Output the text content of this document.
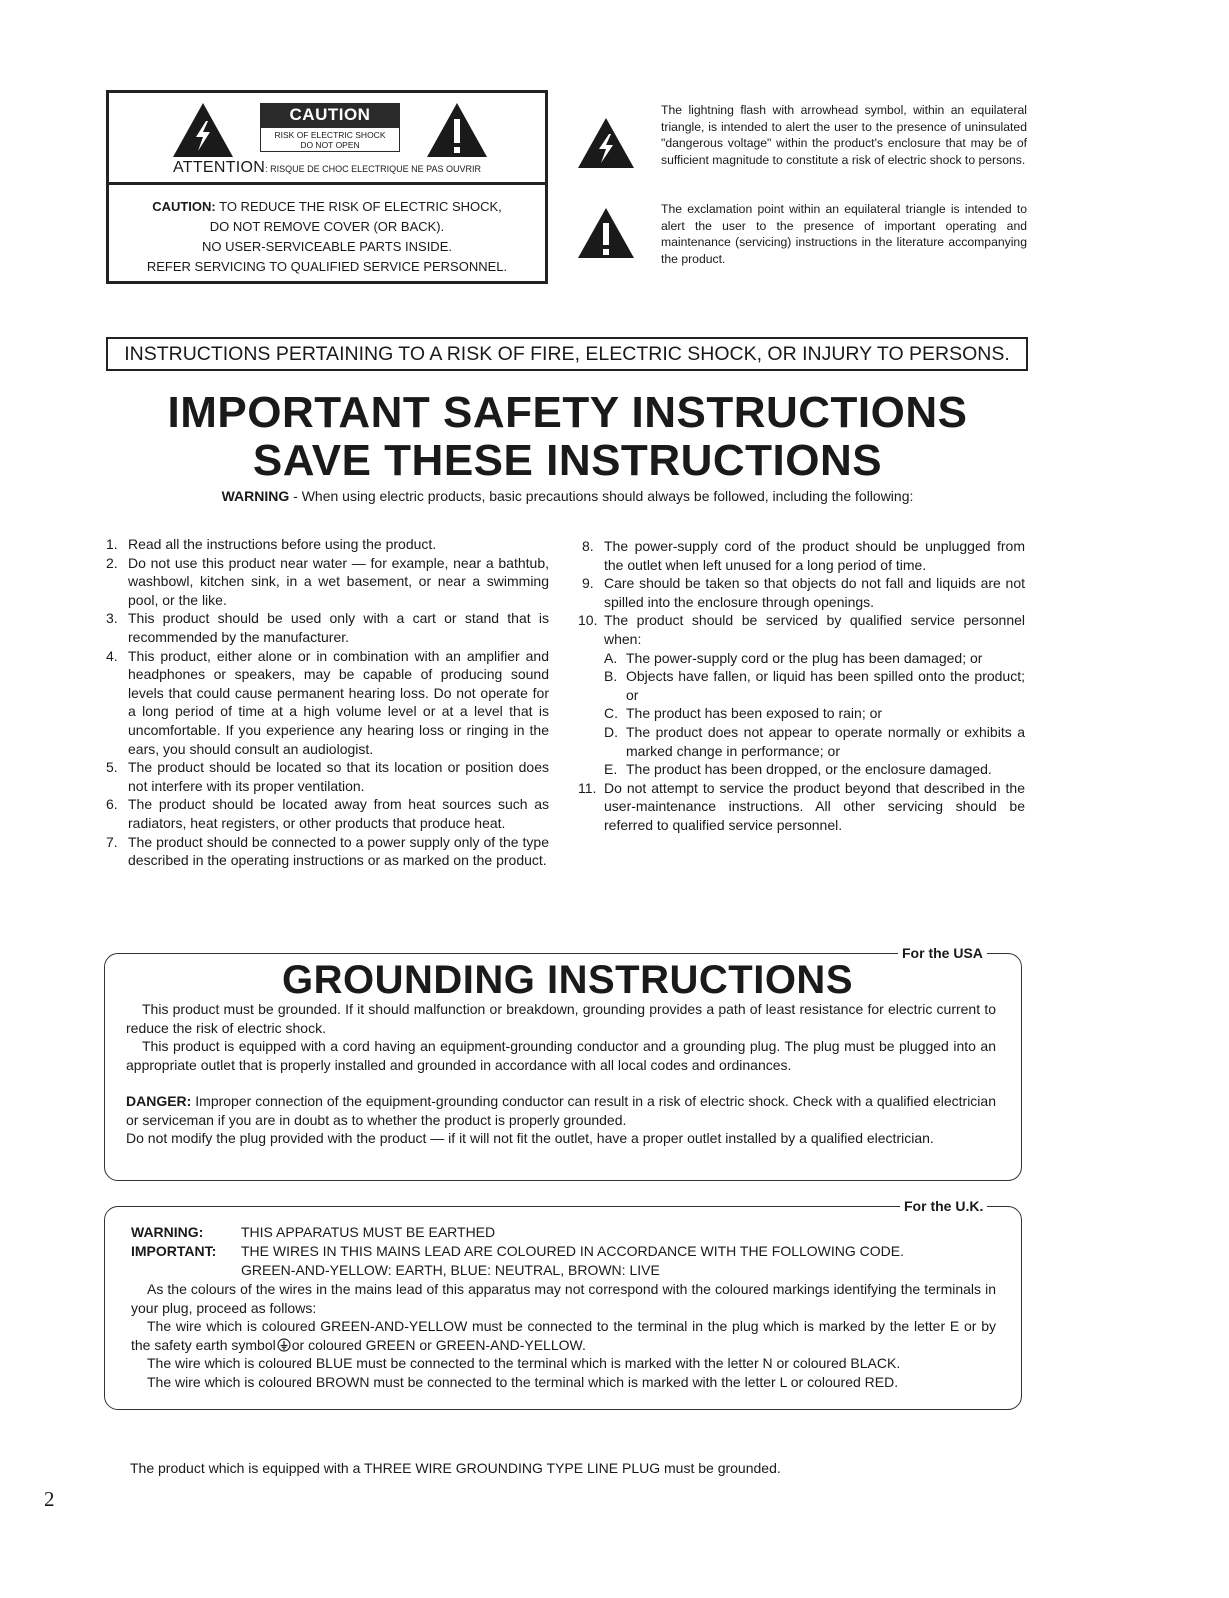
CAUTION
RISK OF ELECTRIC SHOCK
DO NOT OPEN
ATTENTION: RISQUE DE CHOC ELECTRIQUE NE PAS OUVRIR
CAUTION: TO REDUCE THE RISK OF ELECTRIC SHOCK,
DO NOT REMOVE COVER (OR BACK).
NO USER-SERVICEABLE PARTS INSIDE.
REFER SERVICING TO QUALIFIED SERVICE PERSONNEL.
The lightning flash with arrowhead symbol, within an equilateral triangle, is intended to alert the user to the presence of uninsulated "dangerous voltage" within the product's enclosure that may be of sufficient magnitude to constitute a risk of electric shock to persons.
The exclamation point within an equilateral triangle is intended to alert the user to the presence of important operating and maintenance (servicing) instructions in the literature accompanying the product.
INSTRUCTIONS PERTAINING TO A RISK OF FIRE, ELECTRIC SHOCK, OR INJURY TO PERSONS.
IMPORTANT SAFETY INSTRUCTIONS
SAVE THESE INSTRUCTIONS
WARNING - When using electric products, basic precautions should always be followed, including the following:
1. Read all the instructions before using the product.
2. Do not use this product near water — for example, near a bathtub, washbowl, kitchen sink, in a wet basement, or near a swimming pool, or the like.
3. This product should be used only with a cart or stand that is recommended by the manufacturer.
4. This product, either alone or in combination with an amplifier and headphones or speakers, may be capable of producing sound levels that could cause permanent hearing loss. Do not operate for a long period of time at a high volume level or at a level that is uncomfortable. If you experience any hearing loss or ringing in the ears, you should consult an audiologist.
5. The product should be located so that its location or position does not interfere with its proper ventilation.
6. The product should be located away from heat sources such as radiators, heat registers, or other products that produce heat.
7. The product should be connected to a power supply only of the type described in the operating instructions or as marked on the product.
8. The power-supply cord of the product should be unplugged from the outlet when left unused for a long period of time.
9. Care should be taken so that objects do not fall and liquids are not spilled into the enclosure through openings.
10. The product should be serviced by qualified service personnel when:
A. The power-supply cord or the plug has been damaged; or
B. Objects have fallen, or liquid has been spilled onto the product; or
C. The product has been exposed to rain; or
D. The product does not appear to operate normally or exhibits a marked change in performance; or
E. The product has been dropped, or the enclosure damaged.
11. Do not attempt to service the product beyond that described in the user-maintenance instructions. All other servicing should be referred to qualified service personnel.
For the USA
GROUNDING INSTRUCTIONS
This product must be grounded. If it should malfunction or breakdown, grounding provides a path of least resistance for electric current to reduce the risk of electric shock.
This product is equipped with a cord having an equipment-grounding conductor and a grounding plug. The plug must be plugged into an appropriate outlet that is properly installed and grounded in accordance with all local codes and ordinances.
DANGER: Improper connection of the equipment-grounding conductor can result in a risk of electric shock. Check with a qualified electrician or serviceman if you are in doubt as to whether the product is properly grounded.
Do not modify the plug provided with the product — if it will not fit the outlet, have a proper outlet installed by a qualified electrician.
For the U.K.
WARNING:	THIS APPARATUS MUST BE EARTHED
IMPORTANT:	THE WIRES IN THIS MAINS LEAD ARE COLOURED IN ACCORDANCE WITH THE FOLLOWING CODE.
GREEN-AND-YELLOW: EARTH, BLUE: NEUTRAL, BROWN: LIVE
As the colours of the wires in the mains lead of this apparatus may not correspond with the coloured markings identifying the terminals in your plug, proceed as follows:
The wire which is coloured GREEN-AND-YELLOW must be connected to the terminal in the plug which is marked by the letter E or by the safety earth symbol or coloured GREEN or GREEN-AND-YELLOW.
The wire which is coloured BLUE must be connected to the terminal which is marked with the letter N or coloured BLACK.
The wire which is coloured BROWN must be connected to the terminal which is marked with the letter L or coloured RED.
The product which is equipped with a THREE WIRE GROUNDING TYPE LINE PLUG must be grounded.
2
